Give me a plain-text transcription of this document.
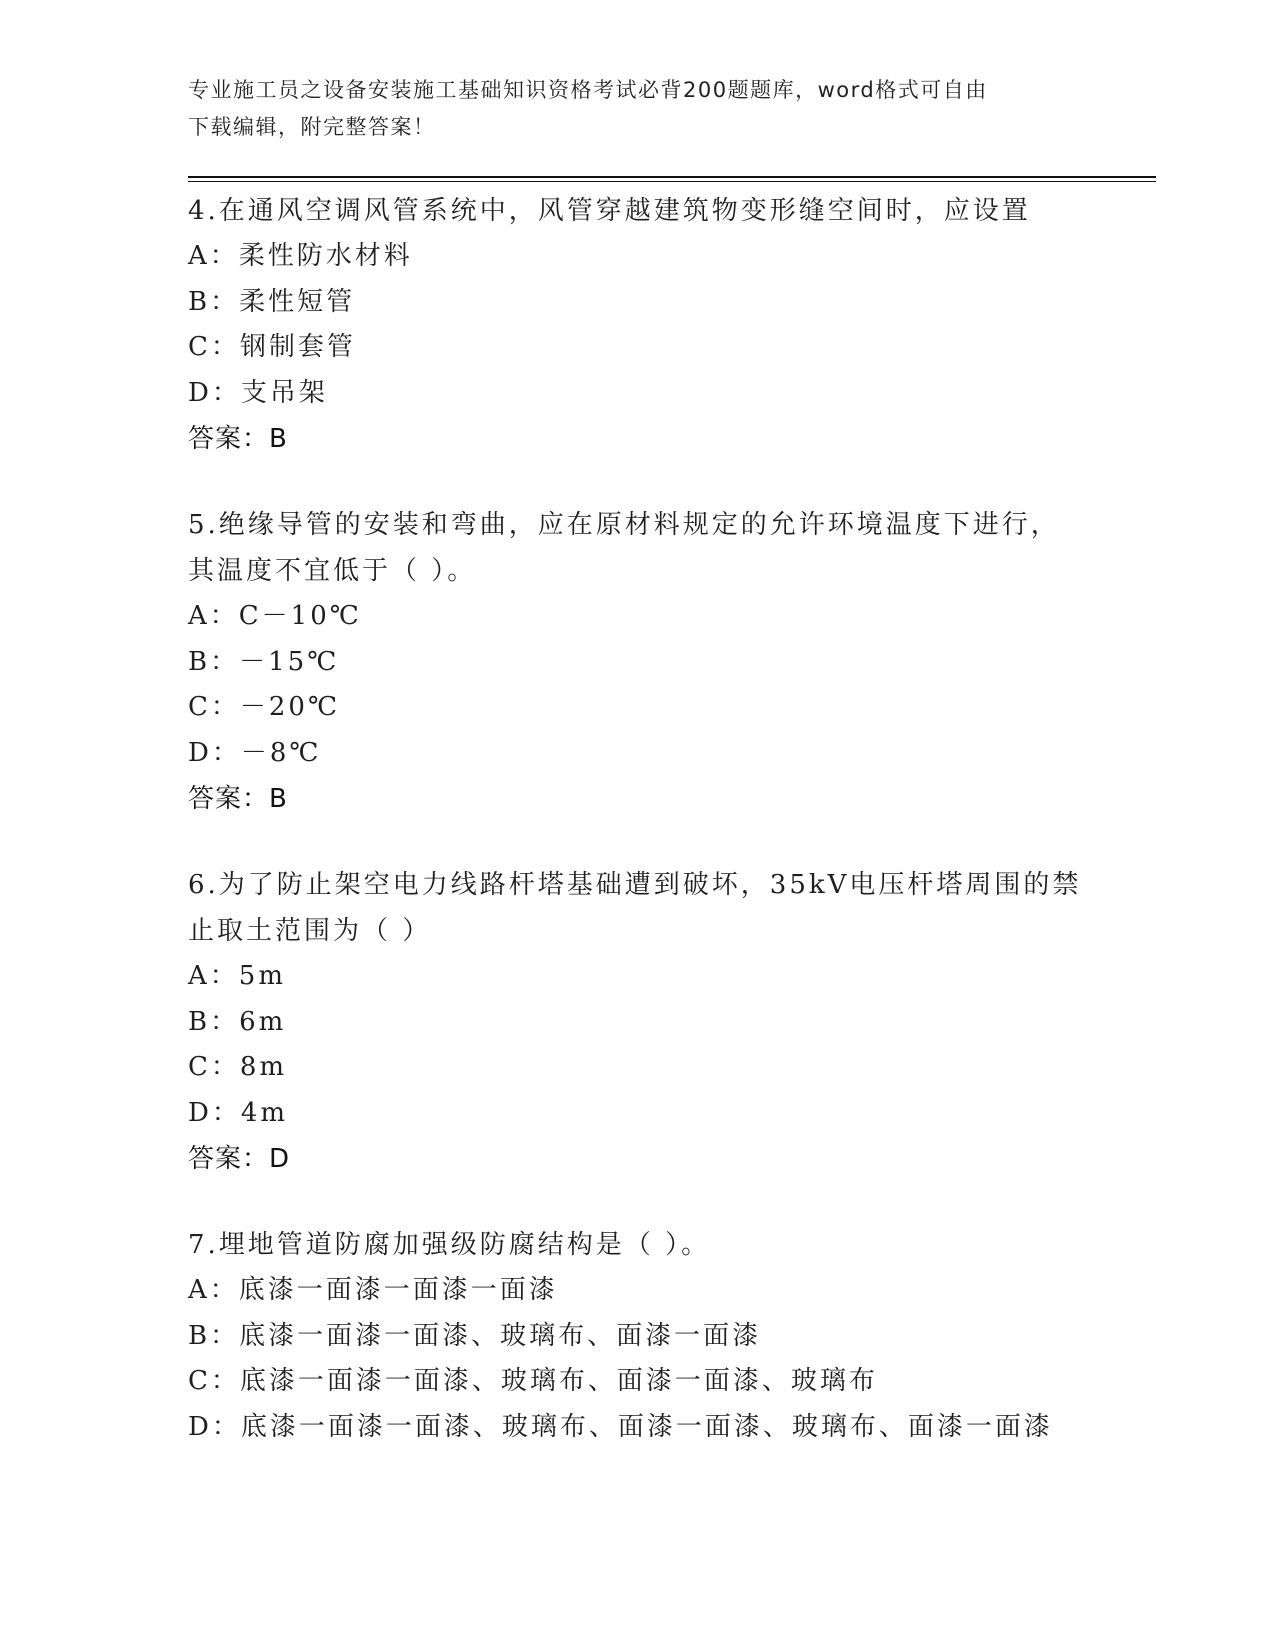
专业施工员之设备安装施工基础知识资格考试必背200题题库，word格式可自由
下载编辑，附完整答案！
4.在通风空调风管系统中，风管穿越建筑物变形缝空间时，应设置
A：柔性防水材料
B：柔性短管
C：钢制套管
D：支吊架
答案：B
5.绝缘导管的安装和弯曲，应在原材料规定的允许环境温度下进行，其温度不宜低于（ ）。
A：C－10℃
B：－15℃
C：－20℃
D：－8℃
答案：B
6.为了防止架空电力线路杆塔基础遭到破坏，35kV电压杆塔周围的禁止取土范围为（ ）
A：5m
B：6m
C：8m
D：4m
答案：D
7.埋地管道防腐加强级防腐结构是（ ）。
A：底漆一面漆一面漆一面漆
B：底漆一面漆一面漆、玻璃布、面漆一面漆
C：底漆一面漆一面漆、玻璃布、面漆一面漆、玻璃布
D：底漆一面漆一面漆、玻璃布、面漆一面漆、玻璃布、面漆一面漆
